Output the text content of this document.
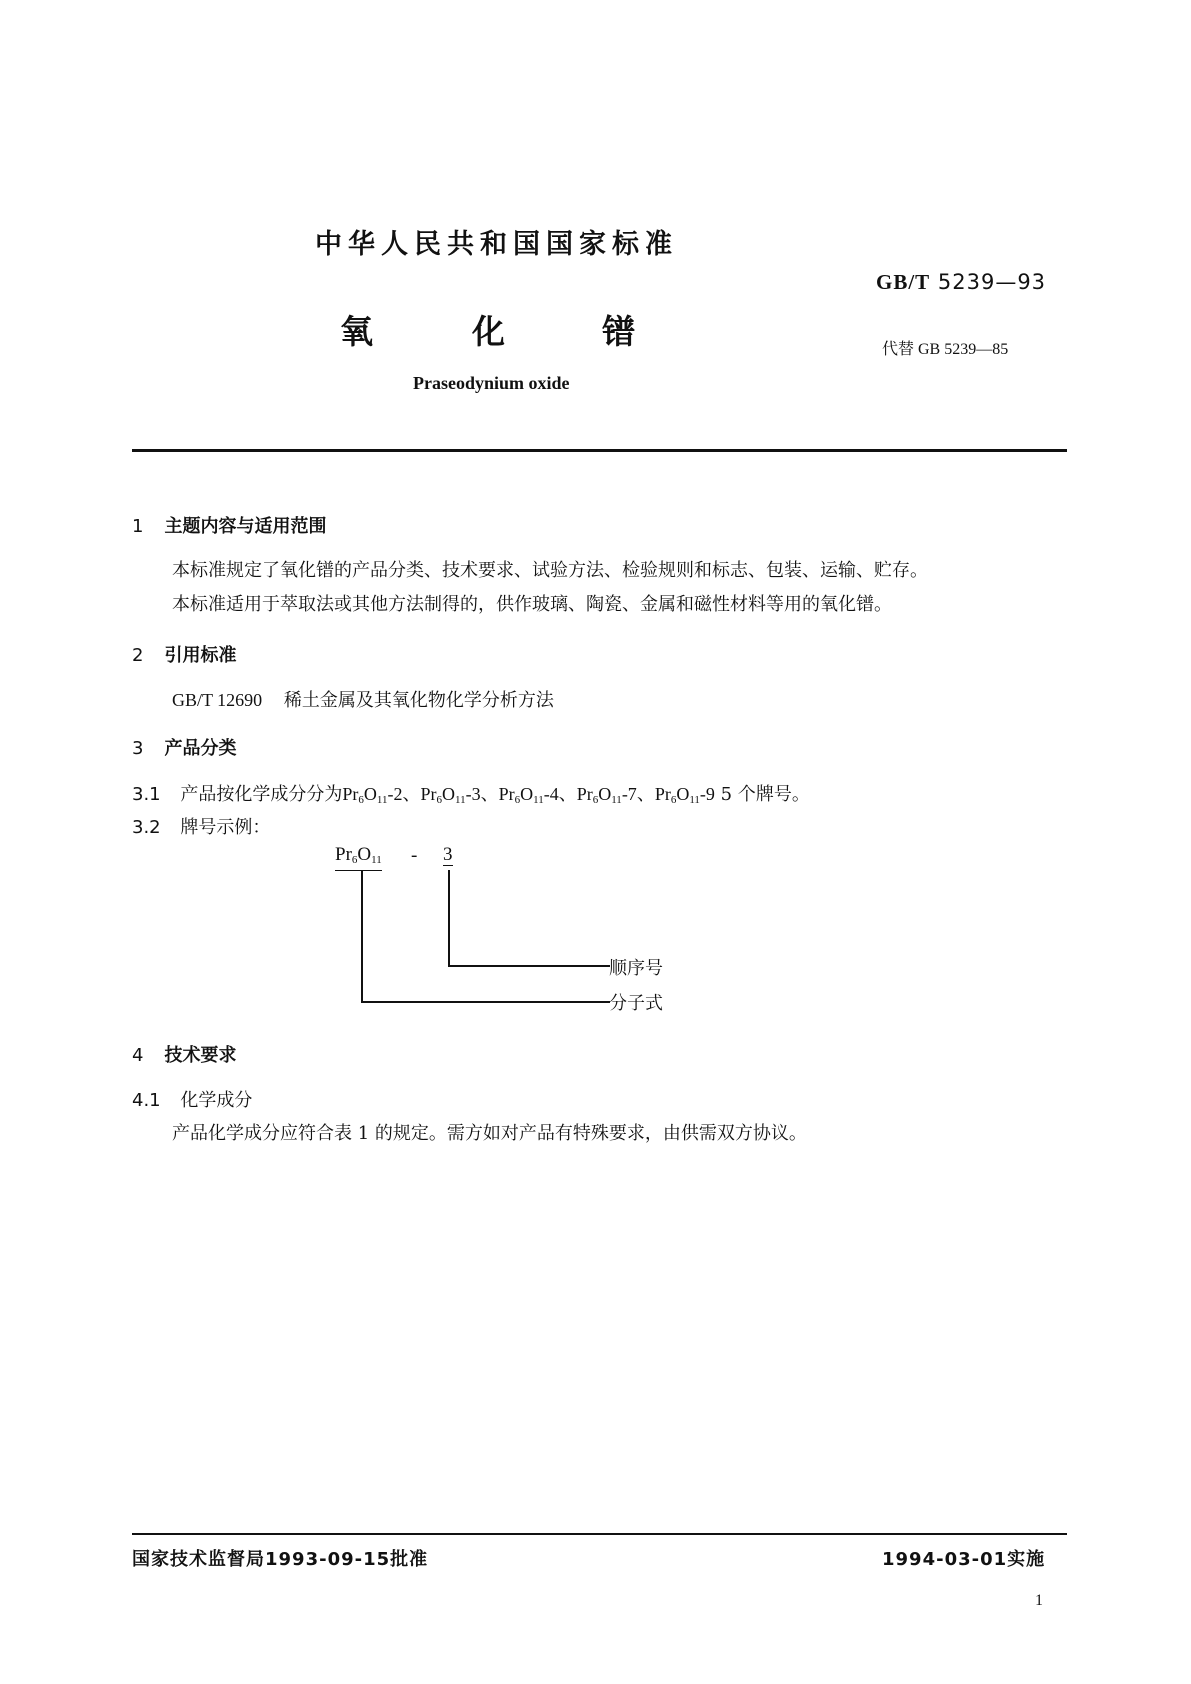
中华人民共和国国家标准
GB/T 5239—93
氧	化	镨	代替 GB 5239—85
Praseodynium oxide
1 主题内容与适用范围
本标准规定了氧化镨的产品分类、技术要求、试验方法、检验规则和标志、包装、运输、贮存。
本标准适用于萃取法或其他方法制得的，供作玻璃、陶瓷、金属和磁性材料等用的氧化镨。
2 引用标准
GB/T 12690 稀土金属及其氧化物化学分析方法
3 产品分类
3.1 产品按化学成分分为$Pr_6O_{11}-2$、$Pr_6O_{11}-3$、$Pr_6O_{11}-4$、$Pr_6O_{11}-7$、$Pr_6O_{11}-9$ 5 个牌号。
3.2 牌号示例：
$Pr_6O_{11} - 3$
顺序号
分子式
4 技术要求
4.1 化学成分
产品化学成分应符合表 1 的规定。需方如对产品有特殊要求，由供需双方协议。
国家技术监督局1993-09-15批准	1994-03-01实施
1
